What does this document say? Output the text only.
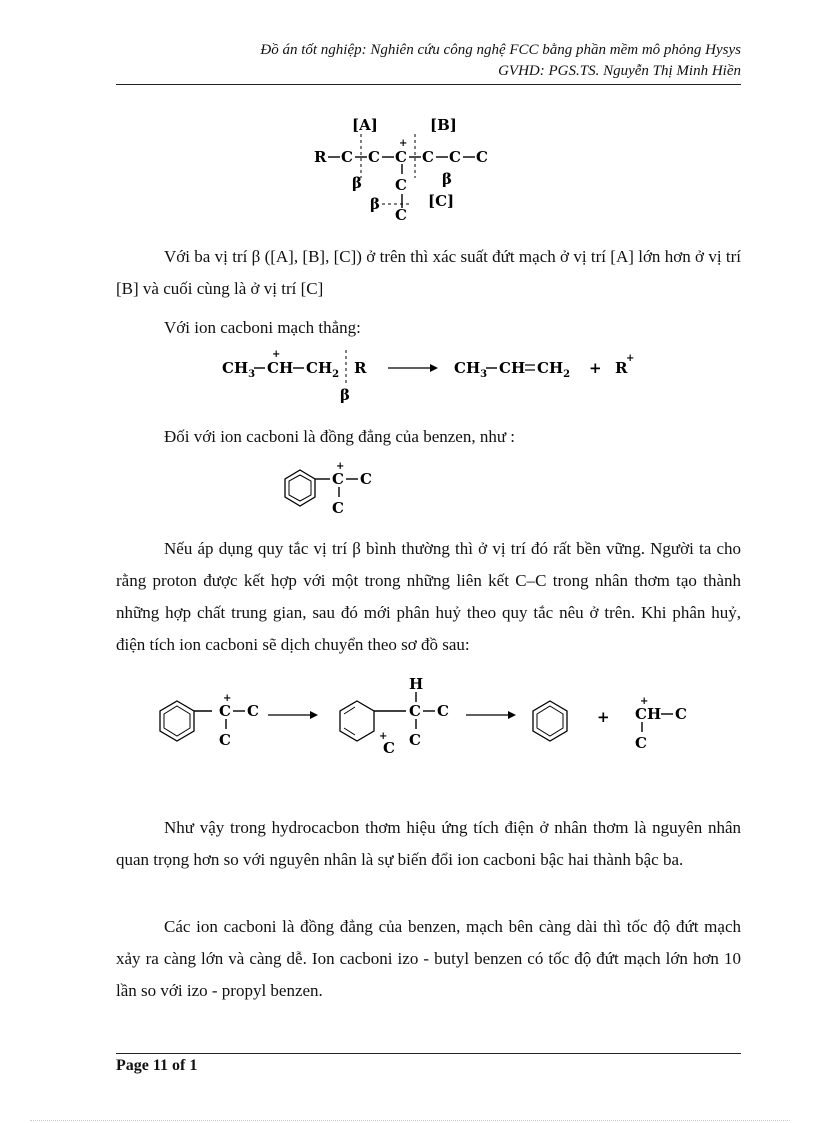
Đồ án tốt nghiệp: Nghiên cứu công nghệ FCC bằng phần mềm mô phỏng Hysys
GVHD: PGS.TS. Nguyễn Thị Minh Hiền
[A]	[B]
R C C
+
C C C C
β	β
C
β
C
[C]

Với ba vị trí β ([A], [B], [C]) ở trên thì xác suất đứt mạch ở vị trí [A] lớn hơn ở vị trí [B] và cuối cùng là ở vị trí [C]

Với ion cacboni mạch thẳng:

$CH_3$
+
CH $CH_2$ R
β
$CH_3$ CH $CH_2 + R$
+

Đối với ion cacboni là đồng đẳng của benzen, như :

+
C C
C

Nếu áp dụng quy tắc vị trí β bình thường thì ở vị trí đó rất bền vững. Người ta cho rằng proton được kết hợp với một trong những liên kết C–C trong nhân thơm tạo thành những hợp chất trung gian, sau đó mới phân huỷ theo quy tắc nêu ở trên. Khi phân huỷ, điện tích ion cacboni sẽ dịch chuyển theo sơ đồ sau:

+
C C
C
H
C C
C
+
C
+
+
CH C
C

Như vậy trong hydrocacbon thơm hiệu ứng tích điện ở nhân thơm là nguyên nhân quan trọng hơn so với nguyên nhân là sự biến đổi ion cacboni bậc hai thành bậc ba.

Các ion cacboni là đồng đẳng của benzen, mạch bên càng dài thì tốc độ đứt mạch xảy ra càng lớn và càng dễ. Ion cacboni izo - butyl benzen có tốc độ đứt mạch lớn hơn 10 lần so với izo - propyl benzen.

Page 11 of 1
